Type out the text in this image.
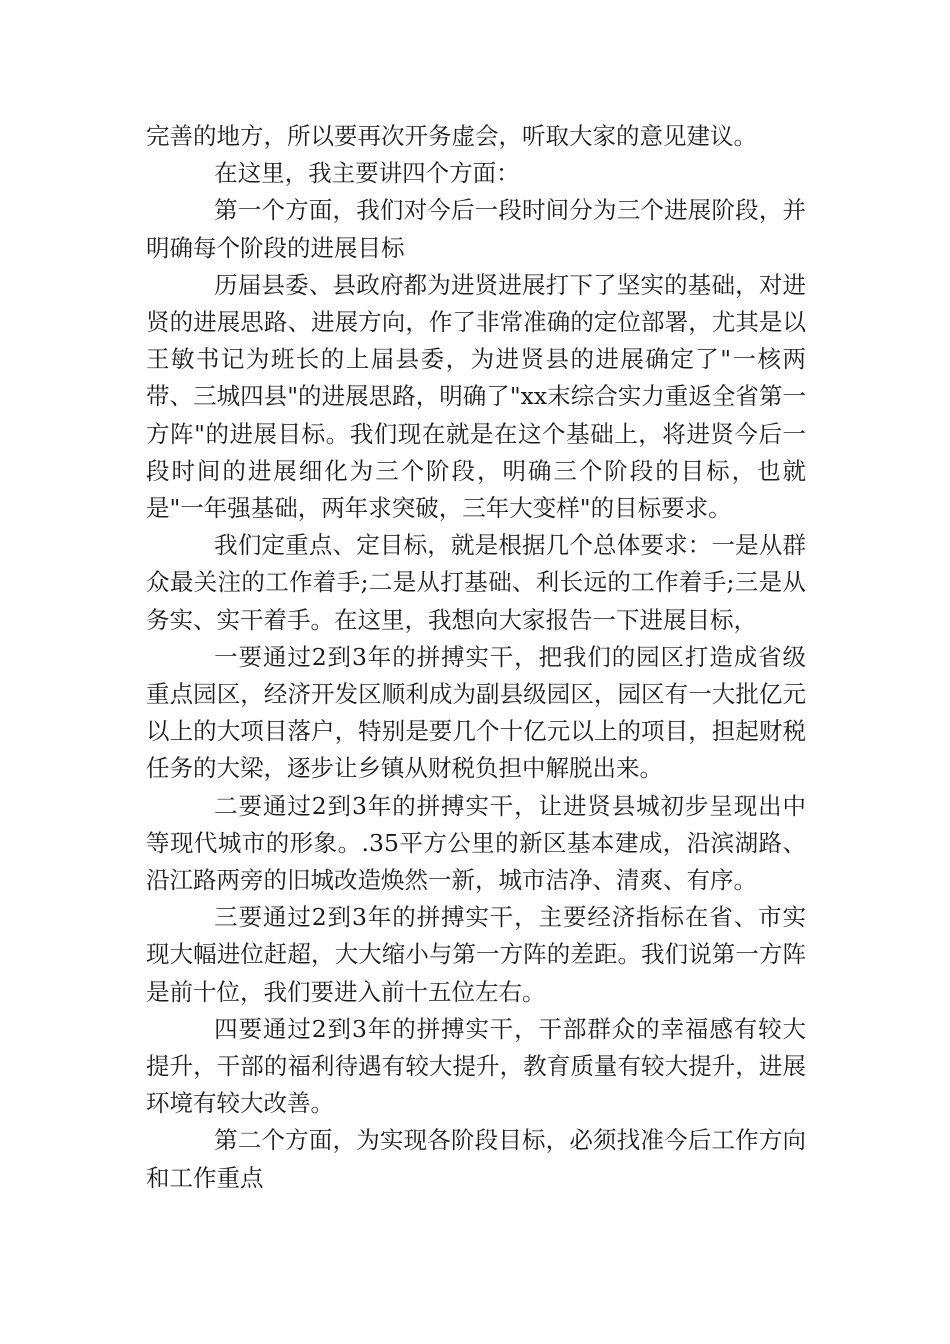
完善的地方，所以要再次开务虚会，听取大家的意见建议。

在这里，我主要讲四个方面：

第一个方面，我们对今后一段时间分为三个进展阶段，并明确每个阶段的进展目标

历届县委、县政府都为进贤进展打下了坚实的基础，对进贤的进展思路、进展方向，作了非常准确的定位部署，尤其是以王敏书记为班长的上届县委，为进贤县的进展确定了"一核两带、三城四县"的进展思路，明确了"xx末综合实力重返全省第一方阵"的进展目标。我们现在就是在这个基础上，将进贤今后一段时间的进展细化为三个阶段，明确三个阶段的目标，也就是"一年强基础，两年求突破，三年大变样"的目标要求。

我们定重点、定目标，就是根据几个总体要求：一是从群众最关注的工作着手;二是从打基础、利长远的工作着手;三是从务实、实干着手。在这里，我想向大家报告一下进展目标，

一要通过2到3年的拼搏实干，把我们的园区打造成省级重点园区，经济开发区顺利成为副县级园区，园区有一大批亿元以上的大项目落户，特别是要几个十亿元以上的项目，担起财税任务的大梁，逐步让乡镇从财税负担中解脱出来。

二要通过2到3年的拼搏实干，让进贤县城初步呈现出中等现代城市的形象。.35平方公里的新区基本建成，沿滨湖路、沿江路两旁的旧城改造焕然一新，城市洁净、清爽、有序。

三要通过2到3年的拼搏实干，主要经济指标在省、市实现大幅进位赶超，大大缩小与第一方阵的差距。我们说第一方阵是前十位，我们要进入前十五位左右。

四要通过2到3年的拼搏实干，干部群众的幸福感有较大提升，干部的福利待遇有较大提升，教育质量有较大提升，进展环境有较大改善。

第二个方面，为实现各阶段目标，必须找准今后工作方向和工作重点
